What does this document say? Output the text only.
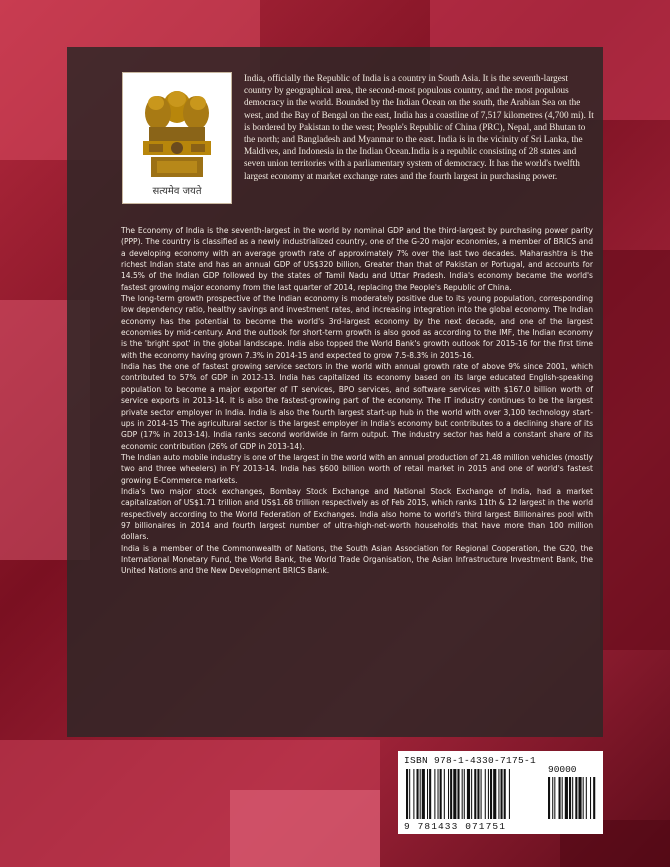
सत्यमेव जयते

India, officially the Republic of India is a country in South Asia. It is the seventh-largest country by geographical area, the second-most populous country, and the most populous democracy in the world. Bounded by the Indian Ocean on the south, the Arabian Sea on the west, and the Bay of Bengal on the east, India has a coastline of 7,517 kilometres (4,700 mi). It is bordered by Pakistan to the west; People's Republic of China (PRC), Nepal, and Bhutan to the north; and Bangladesh and Myanmar to the east. India is in the vicinity of Sri Lanka, the Maldives, and Indonesia in the Indian Ocean.India is a republic consisting of 28 states and seven union territories with a parliamentary system of democracy. It has the world's twelfth largest economy at market exchange rates and the fourth largest in purchasing power.

The Economy of India is the seventh-largest in the world by nominal GDP and the third-largest by purchasing power parity (PPP). The country is classified as a newly industrialized country, one of the G-20 major economies, a member of BRICS and a developing economy with an average growth rate of approximately 7% over the last two decades. Maharashtra is the richest Indian state and has an annual GDP of US$320 billion, Greater than that of Pakistan or Portugal, and accounts for 14.5% of the Indian GDP followed by the states of Tamil Nadu and Uttar Pradesh. India's economy became the world's fastest growing major economy from the last quarter of 2014, replacing the People's Republic of China.

The long-term growth prospective of the Indian economy is moderately positive due to its young population, corresponding low dependency ratio, healthy savings and investment rates, and increasing integration into the global economy. The Indian economy has the potential to become the world's 3rd-largest economy by the next decade, and one of the largest economies by mid-century. And the outlook for short-term growth is also good as according to the IMF, the Indian economy is the 'bright spot' in the global landscape. India also topped the World Bank's growth outlook for 2015-16 for the first time with the economy having grown 7.3% in 2014-15 and expected to grow 7.5-8.3% in 2015-16.

India has the one of fastest growing service sectors in the world with annual growth rate of above 9% since 2001, which contributed to 57% of GDP in 2012-13. India has capitalized its economy based on its large educated English-speaking population to become a major exporter of IT services, BPO services, and software services with $167.0 billion worth of service exports in 2013-14. It is also the fastest-growing part of the economy. The IT industry continues to be the largest private sector employer in India. India is also the fourth largest start-up hub in the world with over 3,100 technology start-ups in 2014-15 The agricultural sector is the largest employer in India's economy but contributes to a declining share of its GDP (17% in 2013-14). India ranks second worldwide in farm output. The industry sector has held a constant share of its economic contribution (26% of GDP in 2013-14).

The Indian auto mobile industry is one of the largest in the world with an annual production of 21.48 million vehicles (mostly two and three wheelers) in FY 2013-14. India has $600 billion worth of retail market in 2015 and one of world's fastest growing E-Commerce markets.

India's two major stock exchanges, Bombay Stock Exchange and National Stock Exchange of India, had a market capitalization of US$1.71 trillion and US$1.68 trillion respectively as of Feb 2015, which ranks 11th & 12 largest in the world respectively according to the World Federation of Exchanges. India also home to world's third largest Billionaires pool with 97 billionaires in 2014 and fourth largest number of ultra-high-net-worth households that have more than 100 million dollars.

India is a member of the Commonwealth of Nations, the South Asian Association for Regional Cooperation, the G20, the International Monetary Fund, the World Bank, the World Trade Organisation, the Asian Infrastructure Investment Bank, the United Nations and the New Development BRICS Bank.

ISBN 978-1-4330-7175-1
90000
9 781433 071751
